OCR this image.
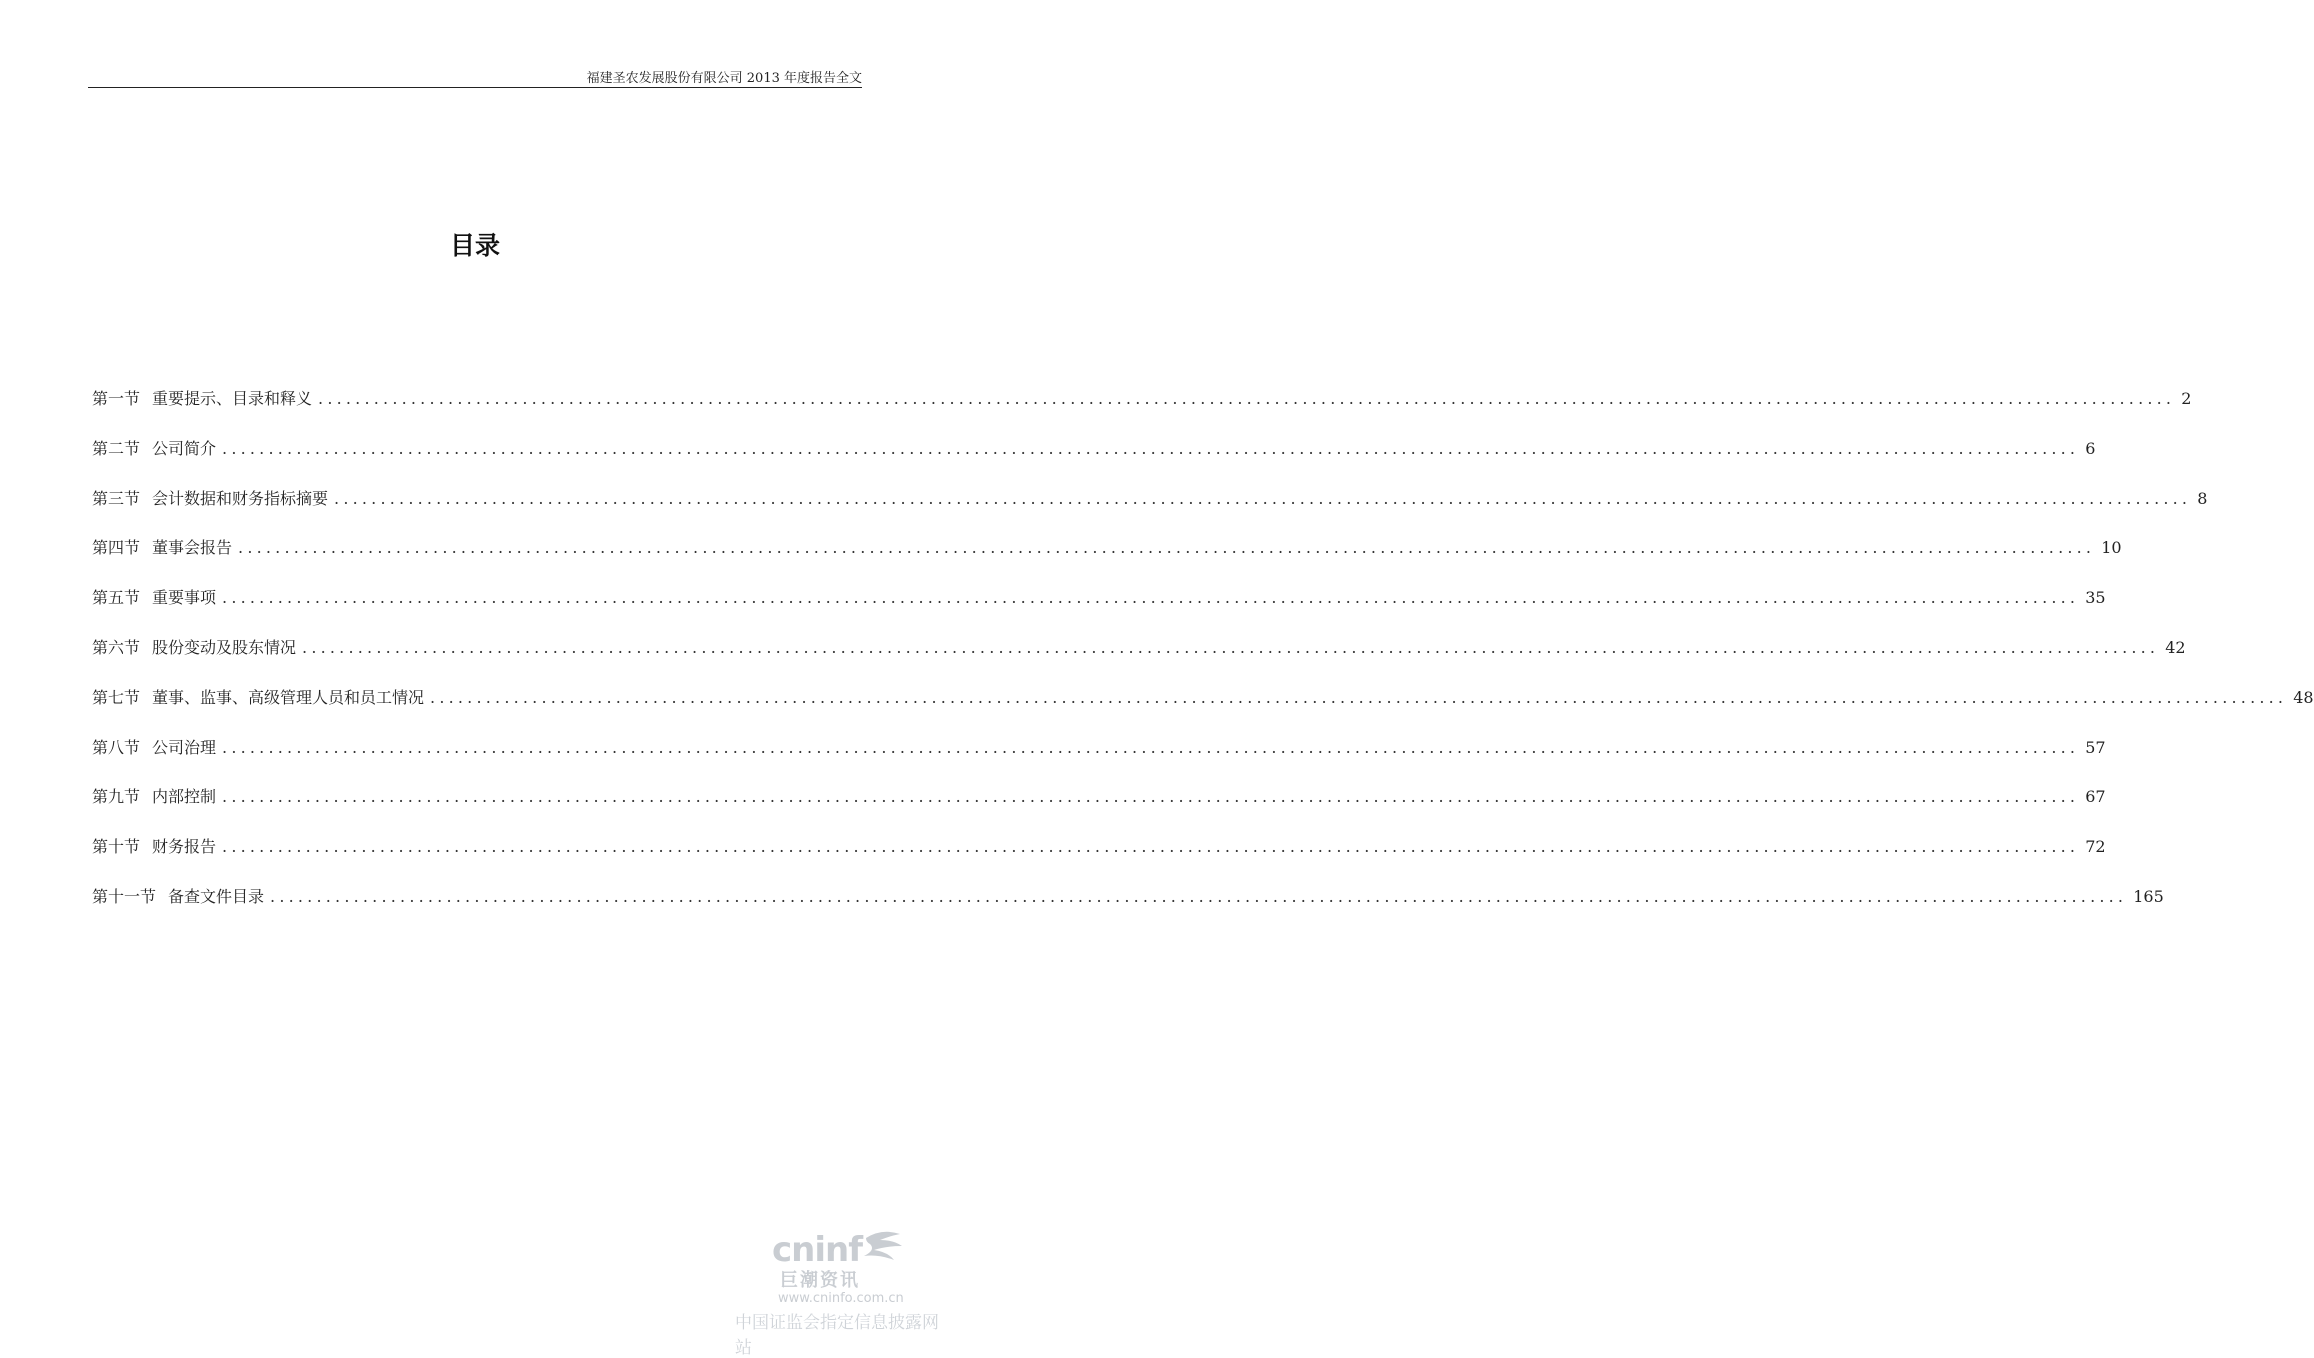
福建圣农发展股份有限公司 2013 年度报告全文
目录
第一节 重要提示、目录和释义 ........................................................................................................................................................................................................ 2
第二节 公司简介 ........................................................................................................................................................................................................ 6
第三节 会计数据和财务指标摘要 ........................................................................................................................................................................................................ 8
第四节 董事会报告 ........................................................................................................................................................................................................ 10
第五节 重要事项 ........................................................................................................................................................................................................ 35
第六节 股份变动及股东情况 ........................................................................................................................................................................................................ 42
第七节 董事、监事、高级管理人员和员工情况 ........................................................................................................................................................................................................ 48
第八节 公司治理 ........................................................................................................................................................................................................ 57
第九节 内部控制 ........................................................................................................................................................................................................ 67
第十节 财务报告 ........................................................................................................................................................................................................ 72
第十一节 备查文件目录 ........................................................................................................................................................................................................ 165
cninf
巨潮资讯
www.cninfo.com.cn
中国证监会指定信息披露网站
